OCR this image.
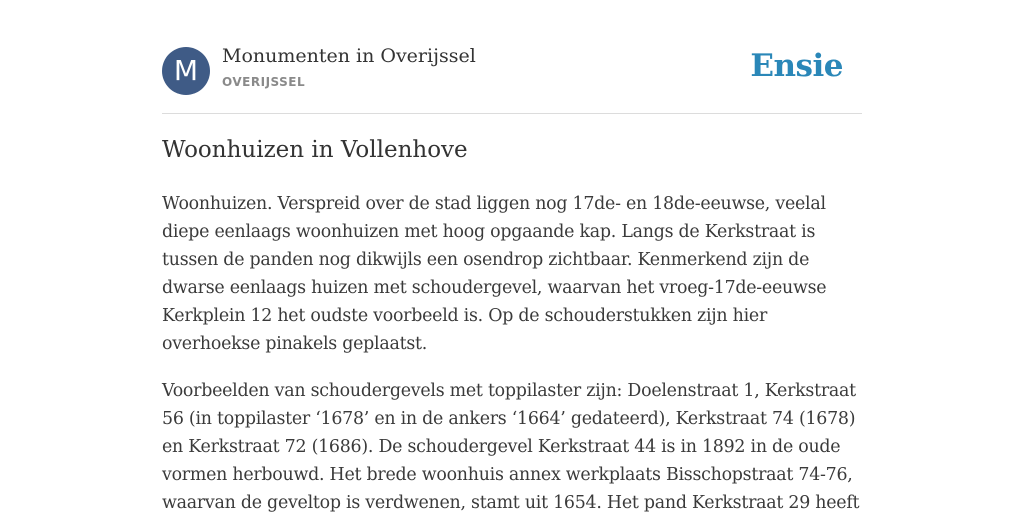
M	Monumenten in Overijssel
OVERIJSSEL	Ensie
Woonhuizen in Vollenhove

Woonhuizen. Verspreid over de stad liggen nog 17de- en 18de-eeuwse, veelal diepe eenlaags woonhuizen met hoog opgaande kap. Langs de Kerkstraat is tussen de panden nog dikwijls een osendrop zichtbaar. Kenmerkend zijn de dwarse eenlaags huizen met schoudergevel, waarvan het vroeg-17de-eeuwse Kerkplein 12 het oudste voorbeeld is. Op de schouderstukken zijn hier overhoekse pinakels geplaatst.

Voorbeelden van schoudergevels met toppilaster zijn: Doelenstraat 1, Kerkstraat 56 (in toppilaster ‘1678’ en in de ankers ‘1664’ gedateerd), Kerkstraat 74 (1678) en Kerkstraat 72 (1686). De schoudergevel Kerkstraat 44 is in 1892 in de oude vormen herbouwd. Het brede woonhuis annex werkplaats Bisschopstraat 74-76, waarvan de geveltop is verdwenen, stamt uit 1654. Het pand Kerkstraat 29 heeft
